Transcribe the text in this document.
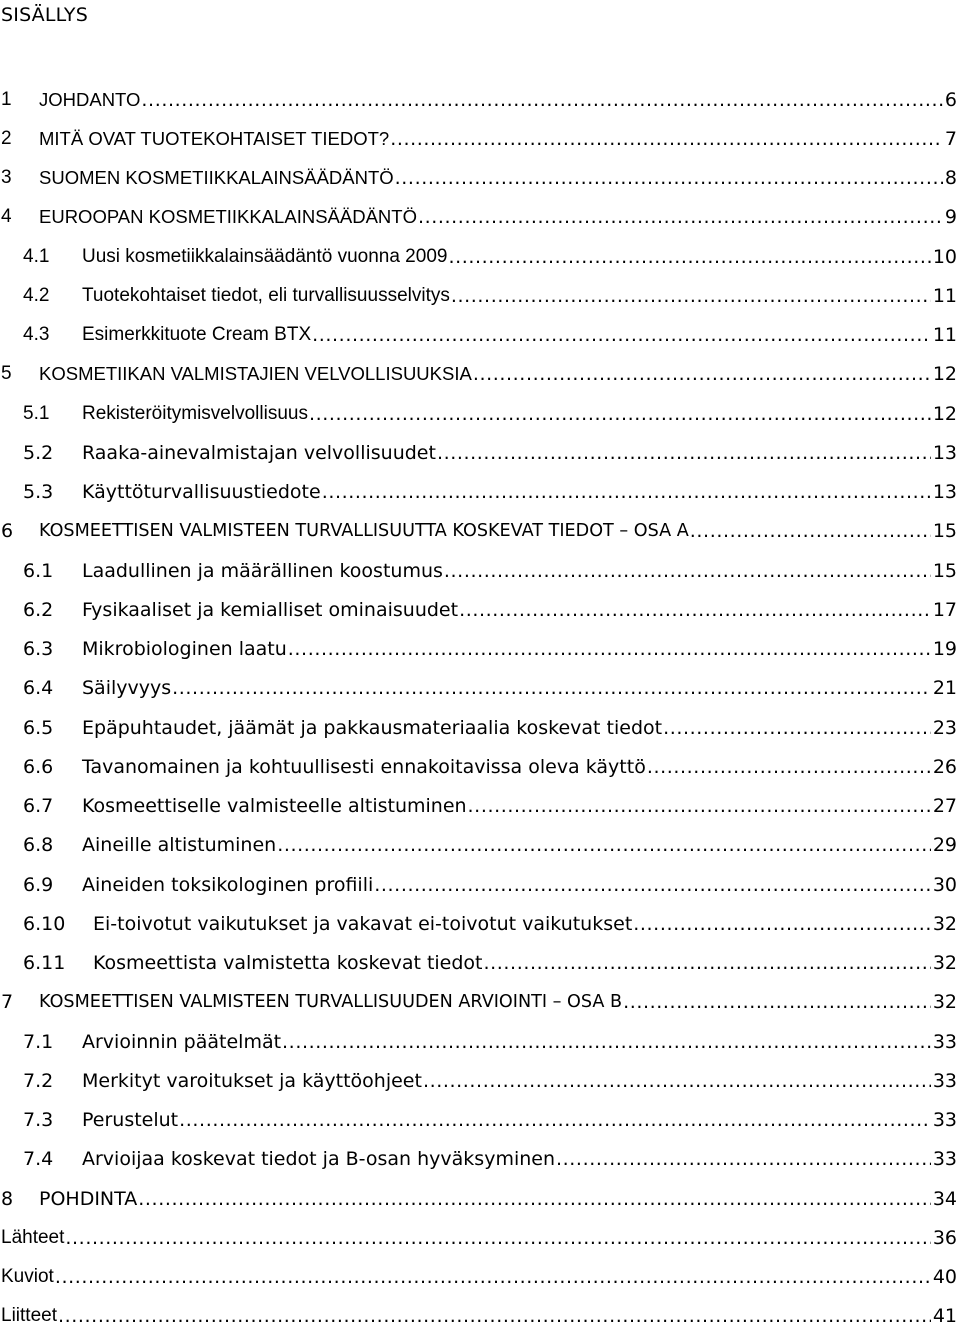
SISÄLLYS
1	JOHDANTO .....	6
2	MITÄ OVAT TUOTEKOHTAISET TIEDOT? .....	7
3	SUOMEN KOSMETIIKKALAINSÄÄDÄNTÖ .....	8
4	EUROOPAN KOSMETIIKKALAINSÄÄDÄNTÖ .....	9
4.1	Uusi kosmetiikkalainsäädäntö vuonna 2009 .....	10
4.2	Tuotekohtaiset tiedot, eli turvallisuusselvitys .....	11
4.3	Esimerkkituote Cream BTX .....	11
5	KOSMETIIKAN VALMISTAJIEN VELVOLLISUUKSIA .....	12
5.1	Rekisteröitymisvelvollisuus .....	12
5.2	Raaka-ainevalmistajan velvollisuudet .....	13
5.3	Käyttöturvallisuustiedote .....	13
6	KOSMEETTISEN VALMISTEEN TURVALLISUUTTA KOSKEVAT TIEDOT – OSA A .....	15
6.1	Laadullinen ja määrällinen koostumus .....	15
6.2	Fysikaaliset ja kemialliset ominaisuudet .....	17
6.3	Mikrobiologinen laatu .....	19
6.4	Säilyvyys .....	21
6.5	Epäpuhtaudet, jäämät ja pakkausmateriaalia koskevat tiedot .....	23
6.6	Tavanomainen ja kohtuullisesti ennakoitavissa oleva käyttö .....	26
6.7	Kosmeettiselle valmisteelle altistuminen .....	27
6.8	Aineille altistuminen .....	29
6.9	Aineiden toksikologinen profiili .....	30
6.10	Ei-toivotut vaikutukset ja vakavat ei-toivotut vaikutukset .....	32
6.11	Kosmeettista valmistetta koskevat tiedot .....	32
7	KOSMEETTISEN VALMISTEEN TURVALLISUUDEN ARVIOINTI – OSA B .....	32
7.1	Arvioinnin päätelmät .....	33
7.2	Merkityt varoitukset ja käyttöohjeet .....	33
7.3	Perustelut .....	33
7.4	Arvioijaa koskevat tiedot ja B-osan hyväksyminen .....	33
8	POHDINTA .....	34
Lähteet .....	36
Kuviot .....	40
Liitteet .....	41
